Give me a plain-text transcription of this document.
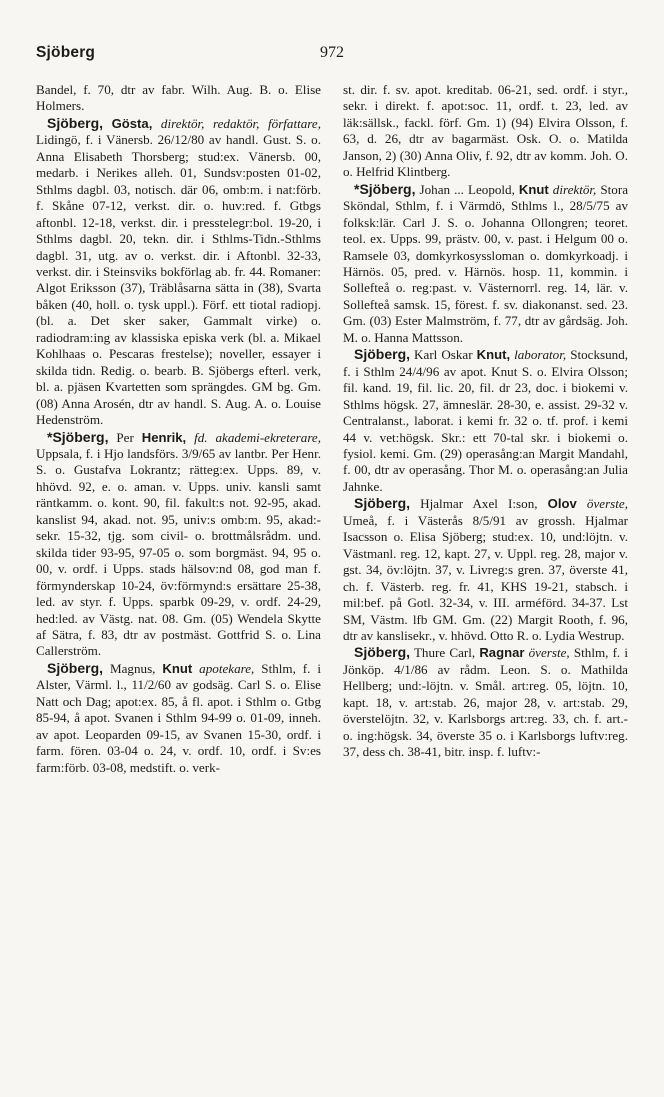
Sjöberg	972

Bandel, f. 70, dtr av fabr. Wilh. Aug. B. o. Elise Holmers.

Sjöberg, Gösta, direktör, redaktör, författare, Lidingö, f. i Vänersb. 26/12/80 av handl. Gust. S. o. Anna Elisabeth Thorsberg; stud:ex. Vänersb. 00, medarb. i Nerikes alleh. 01, Sundsv:posten 01-02, Sthlms dagbl. 03, notisch. där 06, omb:m. i nat:förb. f. Skåne 07-12, verkst. dir. o. huv:red. f. Gtbgs aftonbl. 12-18, verkst. dir. i presstelegr:bol. 19-20, i Sthlms dagbl. 20, tekn. dir. i Sthlms-Tidn.-Sthlms dagbl. 31, utg. av o. verkst. dir. i Aftonbl. 32-33, verkst. dir. i Steinsviks bokförlag ab. fr. 44. Romaner: Algot Eriksson (37), Träblåsarna sätta in (38), Svarta båken (40, holl. o. tysk uppl.). Förf. ett tiotal radiopj. (bl. a. Det sker saker, Gammalt virke) o. radiodram:ing av klassiska episka verk (bl. a. Mikael Kohlhaas o. Pescaras frestelse); noveller, essayer i skilda tidn. Redig. o. bearb. B. Sjöbergs efterl. verk, bl. a. pjäsen Kvartetten som sprängdes. GM bg. Gm. (08) Anna Arosén, dtr av handl. S. Aug. A. o. Louise Hedenström.

*Sjöberg, Per Henrik, fd. akademi-ekreterare, Uppsala, f. i Hjo landsförs. 3/9/65 av lantbr. Per Henr. S. o. Gustafva Lokrantz; rätteg:ex. Upps. 89, v. hhövd. 92, e. o. aman. v. Upps. univ. kansli samt räntkamm. o. kont. 90, fil. fakult:s not. 92-95, akad. kanslist 94, akad. not. 95, univ:s omb:m. 95, akad:-sekr. 15-32, tjg. som civil- o. brottmålsrådm. und. skilda tider 93-95, 97-05 o. som borgmäst. 94, 95 o. 00, v. ordf. i Upps. stads hälsov:nd 08, god man f. förmynderskap 10-24, öv:förmynd:s ersättare 25-38, led. av styr. f. Upps. sparbk 09-29, v. ordf. 24-29, hed:led. av Västg. nat. 08. Gm. (05) Wendela Skytte af Sätra, f. 83, dtr av postmäst. Gottfrid S. o. Lina Callerström.

Sjöberg, Magnus, Knut apotekare, Sthlm, f. i Alster, Värml. l., 11/2/60 av godsäg. Carl S. o. Elise Natt och Dag; apot:ex. 85, å fl. apot. i Sthlm o. Gtbg 85-94, å apot. Svanen i Sthlm 94-99 o. 01-09, inneh. av apot. Leoparden 09-15, av Svanen 15-30, ordf. i farm. fören. 03-04 o. 24, v. ordf. 10, ordf. i Sv:es farm:förb. 03-08, medstift. o. verk-

st. dir. f. sv. apot. kreditab. 06-21, sed. ordf. i styr., sekr. i direkt. f. apot:soc. 11, ordf. t. 23, led. av läk:sällsk., fackl. förf. Gm. 1) (94) Elvira Olsson, f. 63, d. 26, dtr av bagarmäst. Osk. O. o. Matilda Janson, 2) (30) Anna Oliv, f. 92, dtr av komm. Joh. O. o. Helfrid Klintberg.

*Sjöberg, Johan ... Leopold, Knut direktör, Stora Sköndal, Sthlm, f. i Värmdö, Sthlms l., 28/5/75 av folksk:lär. Carl J. S. o. Johanna Ollongren; teoret. teol. ex. Upps. 99, prästv. 00, v. past. i Helgum 00 o. Ramsele 03, domkyrkosyssloman o. domkyrkoadj. i Härnös. 05, pred. v. Härnös. hosp. 11, kommin. i Sollefteå o. reg:past. v. Västernorrl. reg. 14, lär. v. Sollefteå samsk. 15, förest. f. sv. diakonanst. sed. 23. Gm. (03) Ester Malmström, f. 77, dtr av gårdsäg. Joh. M. o. Hanna Mattsson.

Sjöberg, Karl Oskar Knut, laborator, Stocksund, f. i Sthlm 24/4/96 av apot. Knut S. o. Elvira Olsson; fil. kand. 19, fil. lic. 20, fil. dr 23, doc. i biokemi v. Sthlms högsk. 27, ämneslär. 28-30, e. assist. 29-32 v. Centralanst., laborat. i kemi fr. 32 o. tf. prof. i kemi 44 v. vet:högsk. Skr.: ett 70-tal skr. i biokemi o. fysiol. kemi. Gm. (29) operasång:an Margit Mandahl, f. 00, dtr av operasång. Thor M. o. operasång:an Julia Jahnke.

Sjöberg, Hjalmar Axel I:son, Olov överste, Umeå, f. i Västerås 8/5/91 av grossh. Hjalmar Isacsson o. Elisa Sjöberg; stud:ex. 10, und:löjtn. v. Västmanl. reg. 12, kapt. 27, v. Uppl. reg. 28, major v. gst. 34, öv:löjtn. 37, v. Livreg:s gren. 37, överste 41, ch. f. Västerb. reg. fr. 41, KHS 19-21, stabsch. i mil:bef. på Gotl. 32-34, v. III. arméförd. 34-37. Lst SM, Västm. lfb GM. Gm. (22) Margit Rooth, f. 96, dtr av kanslisekr., v. hhövd. Otto R. o. Lydia Westrup.

Sjöberg, Thure Carl, Ragnar överste, Sthlm, f. i Jönköp. 4/1/86 av rådm. Leon. S. o. Mathilda Hellberg; und:-löjtn. v. Smål. art:reg. 05, löjtn. 10, kapt. 18, v. art:stab. 26, major 28, v. art:stab. 29, överstelöjtn. 32, v. Karlsborgs art:reg. 33, ch. f. art.- o. ing:högsk. 34, överste 35 o. i Karlsborgs luftv:reg. 37, dess ch. 38-41, bitr. insp. f. luftv:-
